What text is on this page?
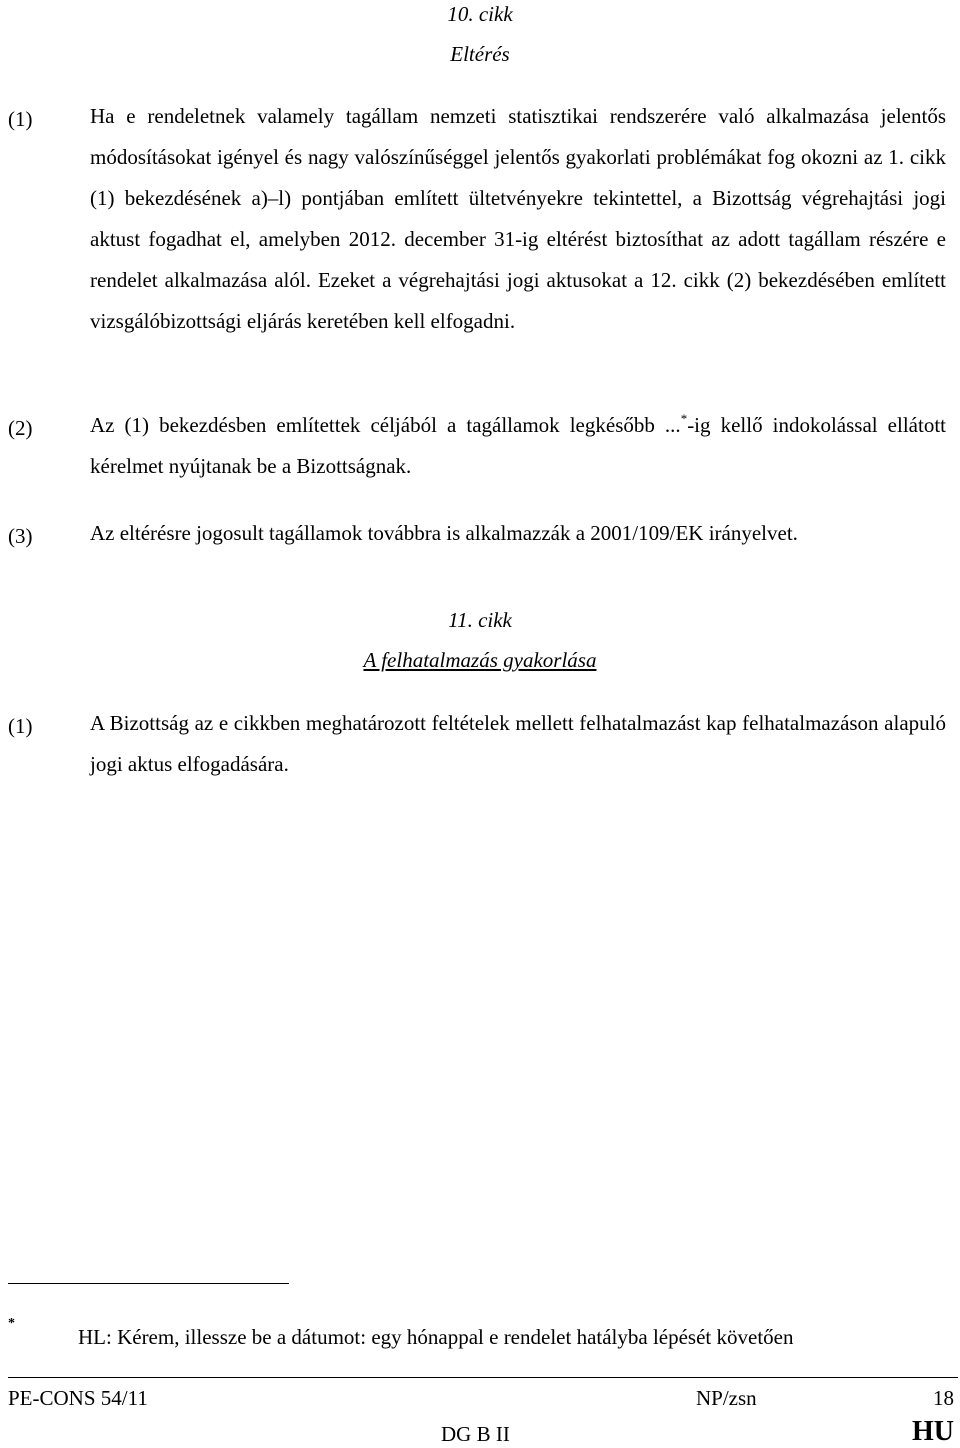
10. cikk
Eltérés
(1)	Ha e rendeletnek valamely tagállam nemzeti statisztikai rendszerére való alkalmazása jelentős módosításokat igényel és nagy valószínűséggel jelentős gyakorlati problémákat fog okozni az 1. cikk (1) bekezdésének a)–l) pontjában említett ültetvényekre tekintettel, a Bizottság végrehajtási jogi aktust fogadhat el, amelyben 2012. december 31-ig eltérést biztosíthat az adott tagállam részére e rendelet alkalmazása alól. Ezeket a végrehajtási jogi aktusokat a 12. cikk (2) bekezdésében említett vizsgálóbizottsági eljárás keretében kell elfogadni.
(2)	Az (1) bekezdésben említettek céljából a tagállamok legkésőbb ...*-ig kellő indokolással ellátott kérelmet nyújtanak be a Bizottságnak.
(3)	Az eltérésre jogosult tagállamok továbbra is alkalmazzák a 2001/109/EK irányelvet.
11. cikk
A felhatalmazás gyakorlása
(1)	A Bizottság az e cikkben meghatározott feltételek mellett felhatalmazást kap felhatalmazáson alapuló jogi aktus elfogadására.
*
HL: Kérem, illessze be a dátumot: egy hónappal e rendelet hatályba lépését követően
PE-CONS 54/11	NP/zsn	18
DG B II	HU
